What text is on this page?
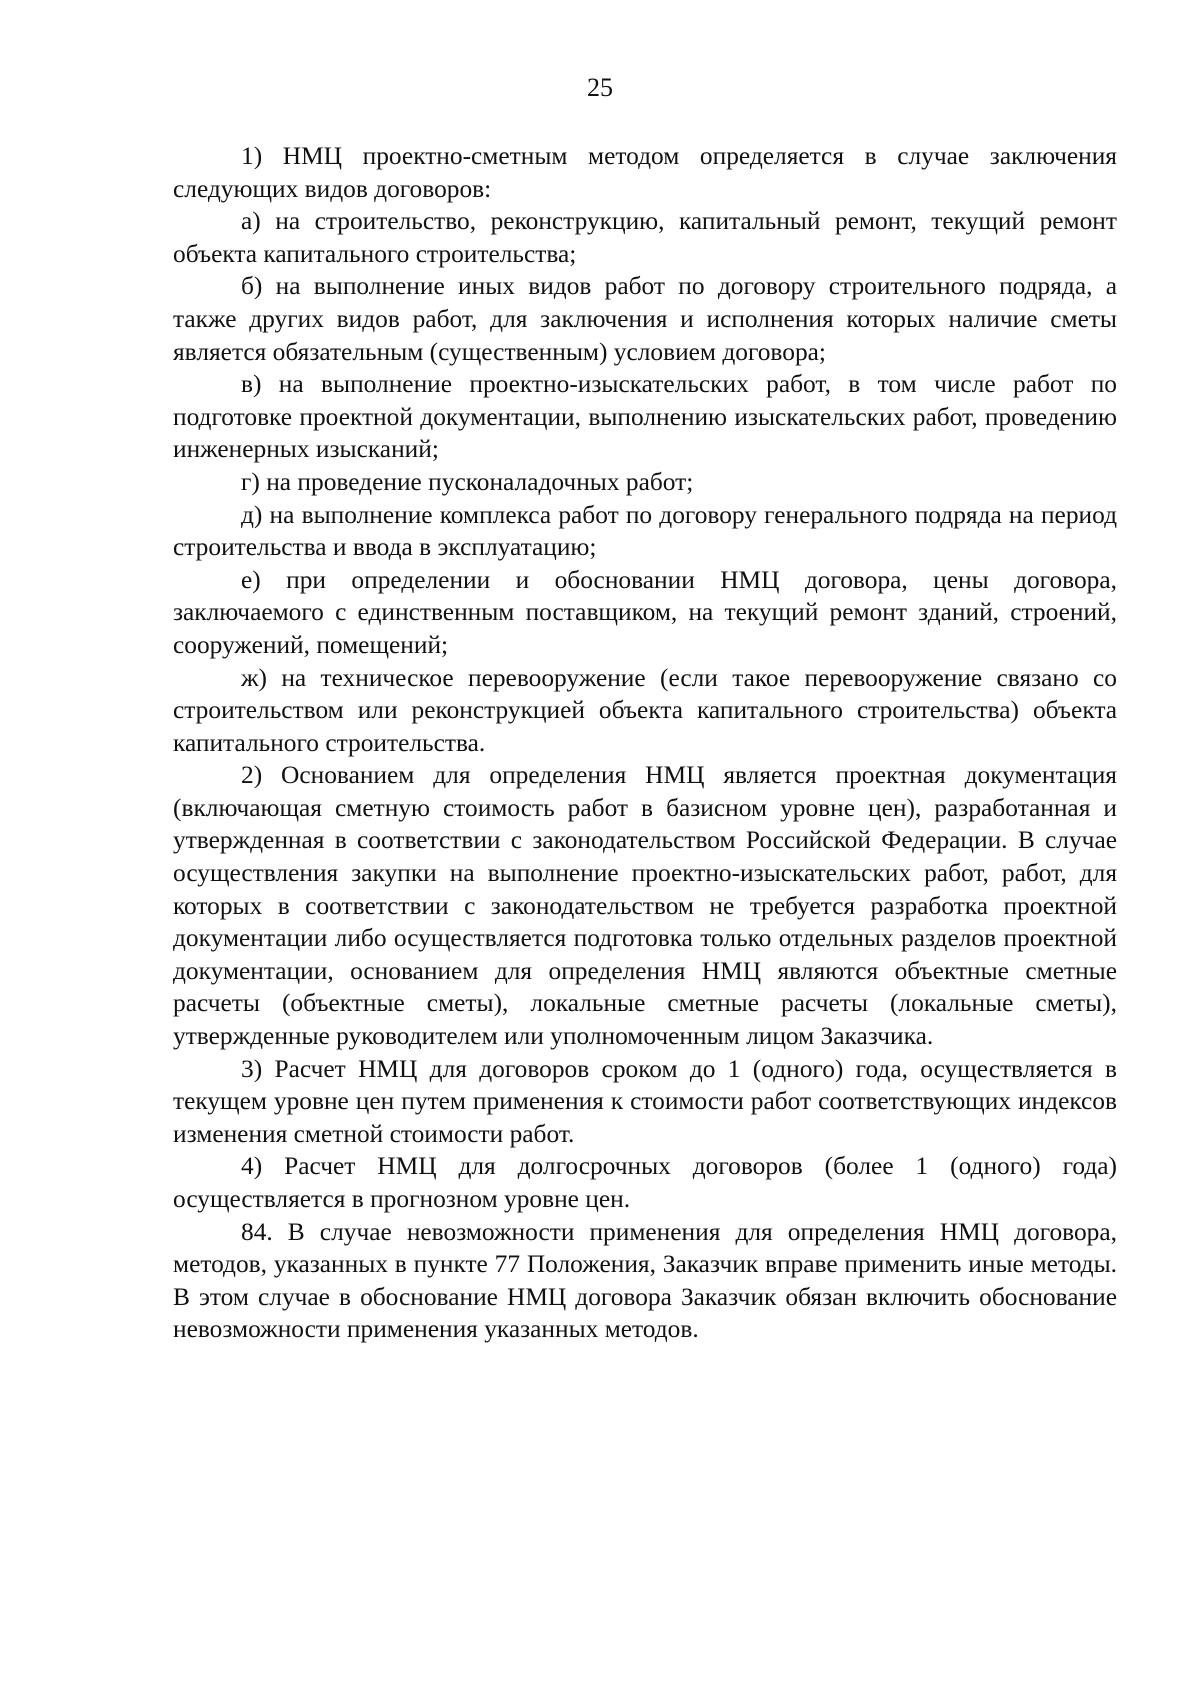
25

1) НМЦ проектно-сметным методом определяется в случае заключения следующих видов договоров:

а) на строительство, реконструкцию, капитальный ремонт, текущий ремонт объекта капитального строительства;

б) на выполнение иных видов работ по договору строительного подряда, а также других видов работ, для заключения и исполнения которых наличие сметы является обязательным (существенным) условием договора;

в) на выполнение проектно-изыскательских работ, в том числе работ по подготовке проектной документации, выполнению изыскательских работ, проведению инженерных изысканий;

г) на проведение пусконаладочных работ;

д) на выполнение комплекса работ по договору генерального подряда на период строительства и ввода в эксплуатацию;

е) при определении и обосновании НМЦ договора, цены договора, заключаемого с единственным поставщиком, на текущий ремонт зданий, строений, сооружений, помещений;

ж) на техническое перевооружение (если такое перевооружение связано со строительством или реконструкцией объекта капитального строительства) объекта капитального строительства.

2) Основанием для определения НМЦ является проектная документация (включающая сметную стоимость работ в базисном уровне цен), разработанная и утвержденная в соответствии с законодательством Российской Федерации. В случае осуществления закупки на выполнение проектно-изыскательских работ, работ, для которых в соответствии с законодательством не требуется разработка проектной документации либо осуществляется подготовка только отдельных разделов проектной документации, основанием для определения НМЦ являются объектные сметные расчеты (объектные сметы), локальные сметные расчеты (локальные сметы), утвержденные руководителем или уполномоченным лицом Заказчика.

3) Расчет НМЦ для договоров сроком до 1 (одного) года, осуществляется в текущем уровне цен путем применения к стоимости работ соответствующих индексов изменения сметной стоимости работ.

4) Расчет НМЦ для долгосрочных договоров (более 1 (одного) года) осуществляется в прогнозном уровне цен.

84. В случае невозможности применения для определения НМЦ договора, методов, указанных в пункте 77 Положения, Заказчик вправе применить иные методы. В этом случае в обоснование НМЦ договора Заказчик обязан включить обоснование невозможности применения указанных методов.
